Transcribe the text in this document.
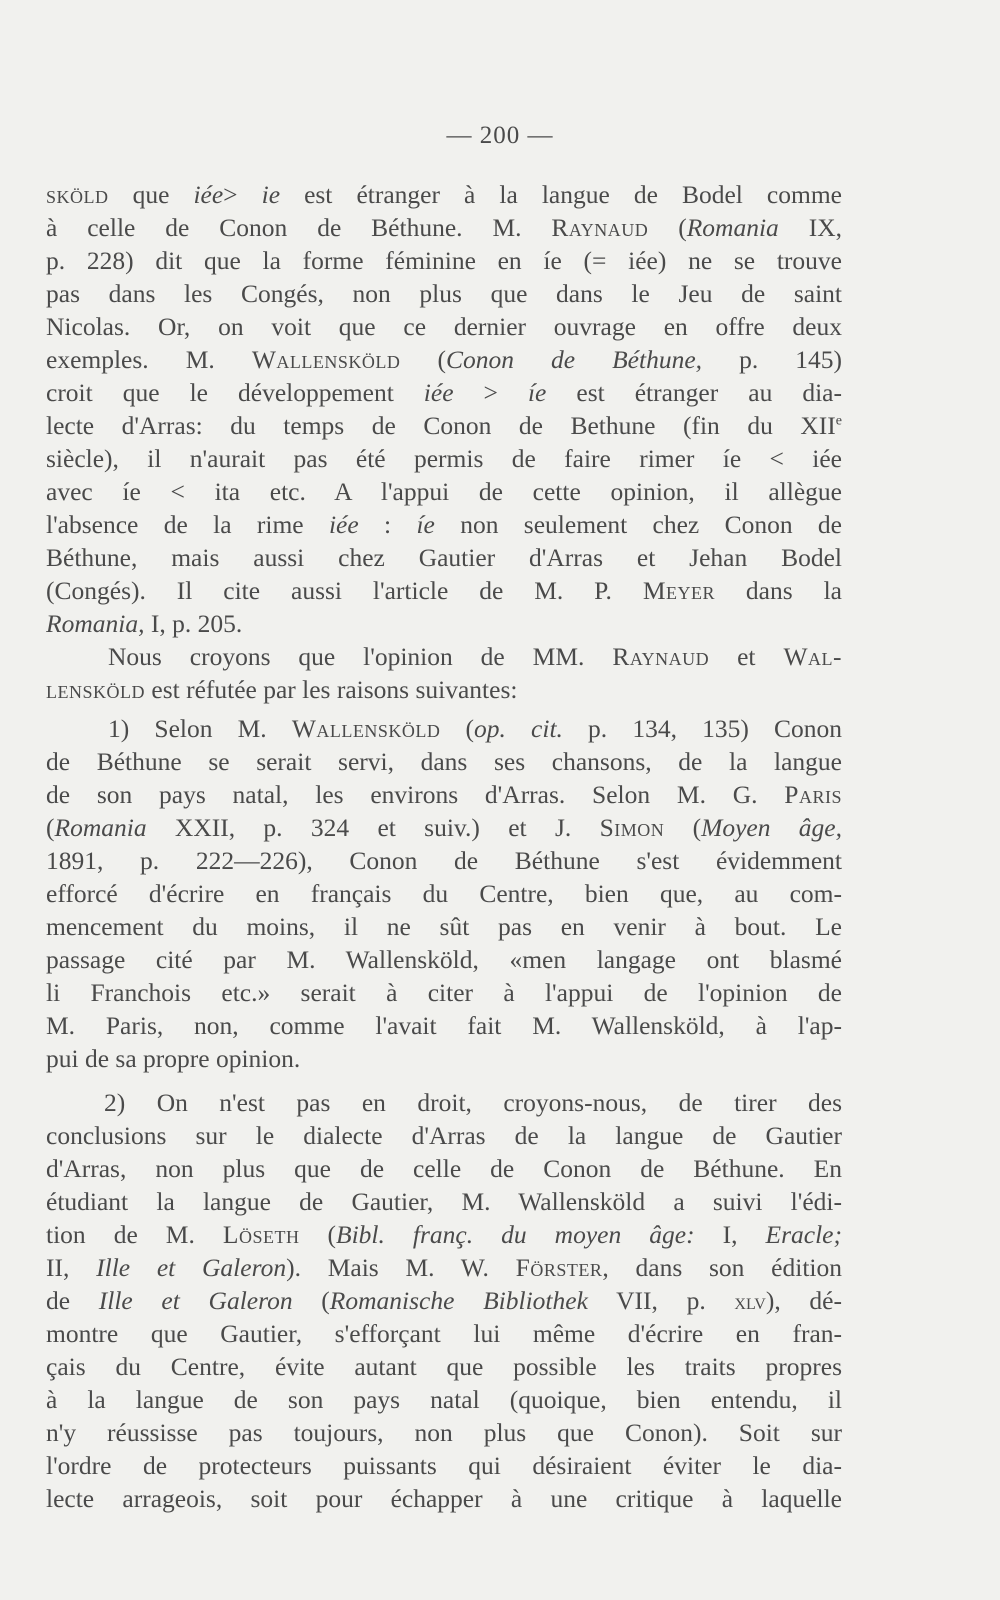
— 200 —
sköld que iée> ie est étranger à la langue de Bodel comme
à celle de Conon de Béthune. M. Raynaud (Romania IX,
p. 228) dit que la forme féminine en íe (= iée) ne se trouve
pas dans les Congés, non plus que dans le Jeu de saint
Nicolas. Or, on voit que ce dernier ouvrage en offre deux
exemples. M. Wallensköld (Conon de Béthune, p. 145)
croit que le développement iée > íe est étranger au dia-
lecte d'Arras: du temps de Conon de Bethune (fin du XIIe
siècle), il n'aurait pas été permis de faire rimer íe < iée
avec íe < ita etc. A l'appui de cette opinion, il allègue
l'absence de la rime iée : íe non seulement chez Conon de
Béthune, mais aussi chez Gautier d'Arras et Jehan Bodel
(Congés). Il cite aussi l'article de M. P. Meyer dans la
Romania, I, p. 205.
Nous croyons que l'opinion de MM. Raynaud et Wal-
lensköld est réfutée par les raisons suivantes:
1) Selon M. Wallensköld (op. cit. p. 134, 135) Conon
de Béthune se serait servi, dans ses chansons, de la langue
de son pays natal, les environs d'Arras. Selon M. G. Paris
(Romania XXII, p. 324 et suiv.) et J. Simon (Moyen âge,
1891, p. 222—226), Conon de Béthune s'est évidemment
efforcé d'écrire en français du Centre, bien que, au com-
mencement du moins, il ne sût pas en venir à bout. Le
passage cité par M. Wallensköld, «men langage ont blasmé
li Franchois etc.» serait à citer à l'appui de l'opinion de
M. Paris, non, comme l'avait fait M. Wallensköld, à l'ap-
pui de sa propre opinion.
2) On n'est pas en droit, croyons-nous, de tirer des
conclusions sur le dialecte d'Arras de la langue de Gautier
d'Arras, non plus que de celle de Conon de Béthune. En
étudiant la langue de Gautier, M. Wallensköld a suivi l'édi-
tion de M. Löseth (Bibl. franç. du moyen âge: I, Eracle;
II, Ille et Galeron). Mais M. W. Förster, dans son édition
de Ille et Galeron (Romanische Bibliothek VII, p. xlv), dé-
montre que Gautier, s'efforçant lui même d'écrire en fran-
çais du Centre, évite autant que possible les traits propres
à la langue de son pays natal (quoique, bien entendu, il
n'y réussisse pas toujours, non plus que Conon). Soit sur
l'ordre de protecteurs puissants qui désiraient éviter le dia-
lecte arrageois, soit pour échapper à une critique à laquelle
